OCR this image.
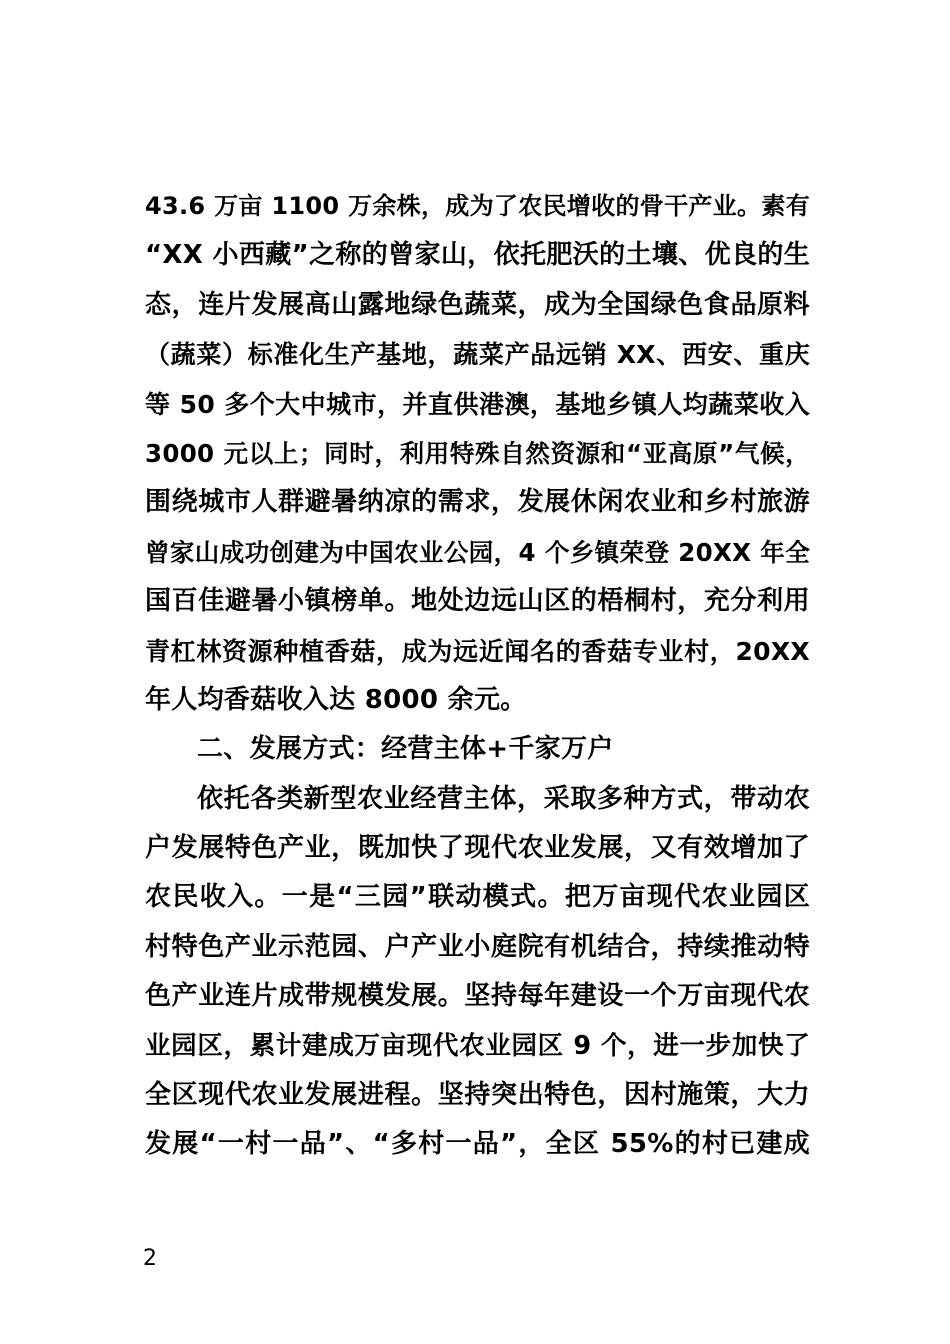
43.6 万亩 1100 万余株，成为了农民增收的骨干产业。素有
“XX 小西藏”之称的曾家山，依托肥沃的土壤、优良的生
态，连片发展高山露地绿色蔬菜，成为全国绿色食品原料
（蔬菜）标准化生产基地，蔬菜产品远销 XX、西安、重庆
等 50 多个大中城市，并直供港澳，基地乡镇人均蔬菜收入
3000 元以上；同时，利用特殊自然资源和“亚高原”气候，
围绕城市人群避暑纳凉的需求，发展休闲农业和乡村旅游
曾家山成功创建为中国农业公园，4 个乡镇荣登 20XX 年全
国百佳避暑小镇榜单。地处边远山区的梧桐村，充分利用
青杠林资源种植香菇，成为远近闻名的香菇专业村，20XX
年人均香菇收入达 8000 余元。
二、发展方式：经营主体+千家万户
依托各类新型农业经营主体，采取多种方式，带动农
户发展特色产业，既加快了现代农业发展，又有效增加了
农民收入。一是“三园”联动模式。把万亩现代农业园区
村特色产业示范园、户产业小庭院有机结合，持续推动特
色产业连片成带规模发展。坚持每年建设一个万亩现代农
业园区，累计建成万亩现代农业园区 9 个，进一步加快了
全区现代农业发展进程。坚持突出特色，因村施策，大力
发展“一村一品”、“多村一品”，全区 55%的村已建成
2
